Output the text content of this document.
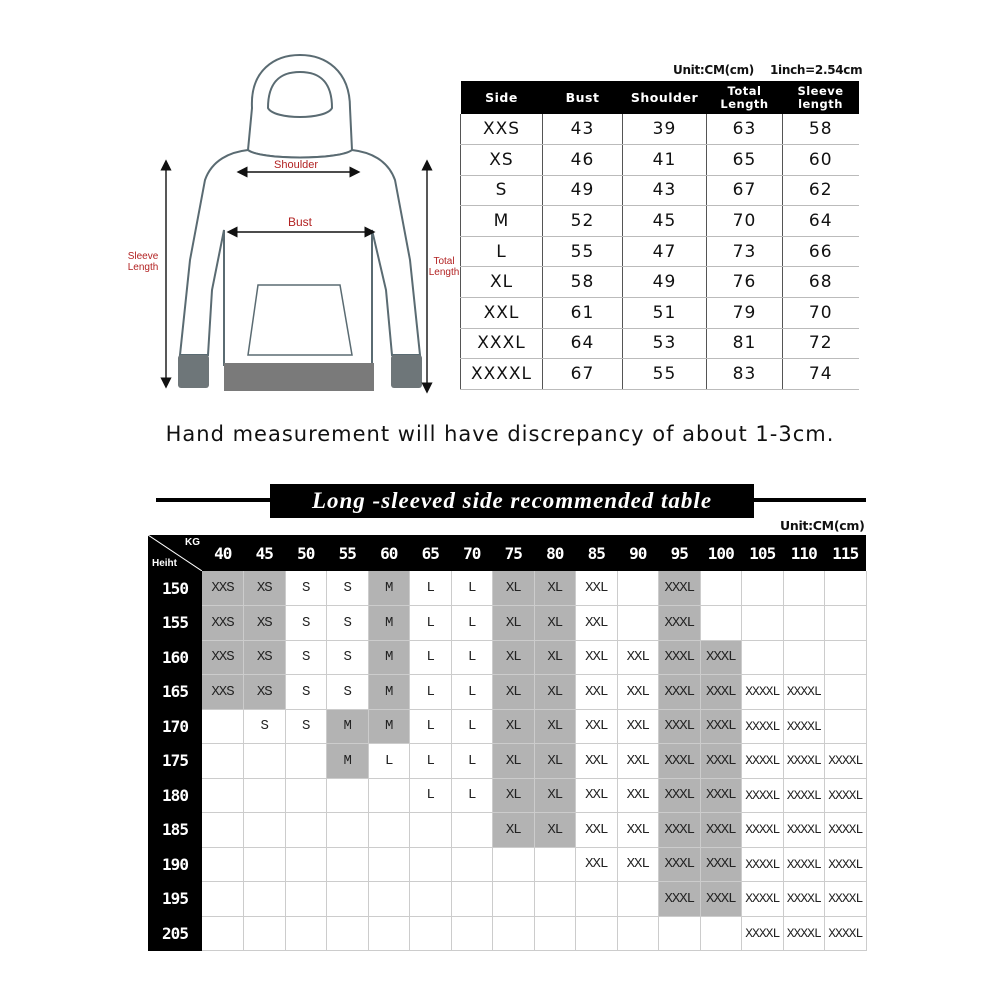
Shoulder
Bust
Sleeve Length
Total Length
Unit:CM(cm) 1inch=2.54cm
Side	Bust	Shoulder	Total Length	Sleeve length
XXS	43	39	63	58
XS	46	41	65	60
S	49	43	67	62
M	52	45	70	64
L	55	47	73	66
XL	58	49	76	68
XXL	61	51	79	70
XXXL	64	53	81	72
XXXXL	67	55	83	74
Hand measurement will have discrepancy of about 1-3cm.
Long -sleeved side recommended table
Unit:CM(cm)
KG
Heiht	40	45	50	55	60	65	70	75	80	85	90	95	100	105	110	115
150	XXS	XS	S	S	M	L	L	XL	XL	XXL		XXXL				
155	XXS	XS	S	S	M	L	L	XL	XL	XXL		XXXL				
160	XXS	XS	S	S	M	L	L	XL	XL	XXL	XXL	XXXL	XXXL			
165	XXS	XS	S	S	M	L	L	XL	XL	XXL	XXL	XXXL	XXXL	XXXXL	XXXXL	
170		S	S	M	M	L	L	XL	XL	XXL	XXL	XXXL	XXXL	XXXXL	XXXXL	
175				M	L	L	L	XL	XL	XXL	XXL	XXXL	XXXL	XXXXL	XXXXL	XXXXL
180						L	L	XL	XL	XXL	XXL	XXXL	XXXL	XXXXL	XXXXL	XXXXL
185								XL	XL	XXL	XXL	XXXL	XXXL	XXXXL	XXXXL	XXXXL
190										XXL	XXL	XXXL	XXXL	XXXXL	XXXXL	XXXXL
195												XXXL	XXXL	XXXXL	XXXXL	XXXXL
205														XXXXL	XXXXL	XXXXL
